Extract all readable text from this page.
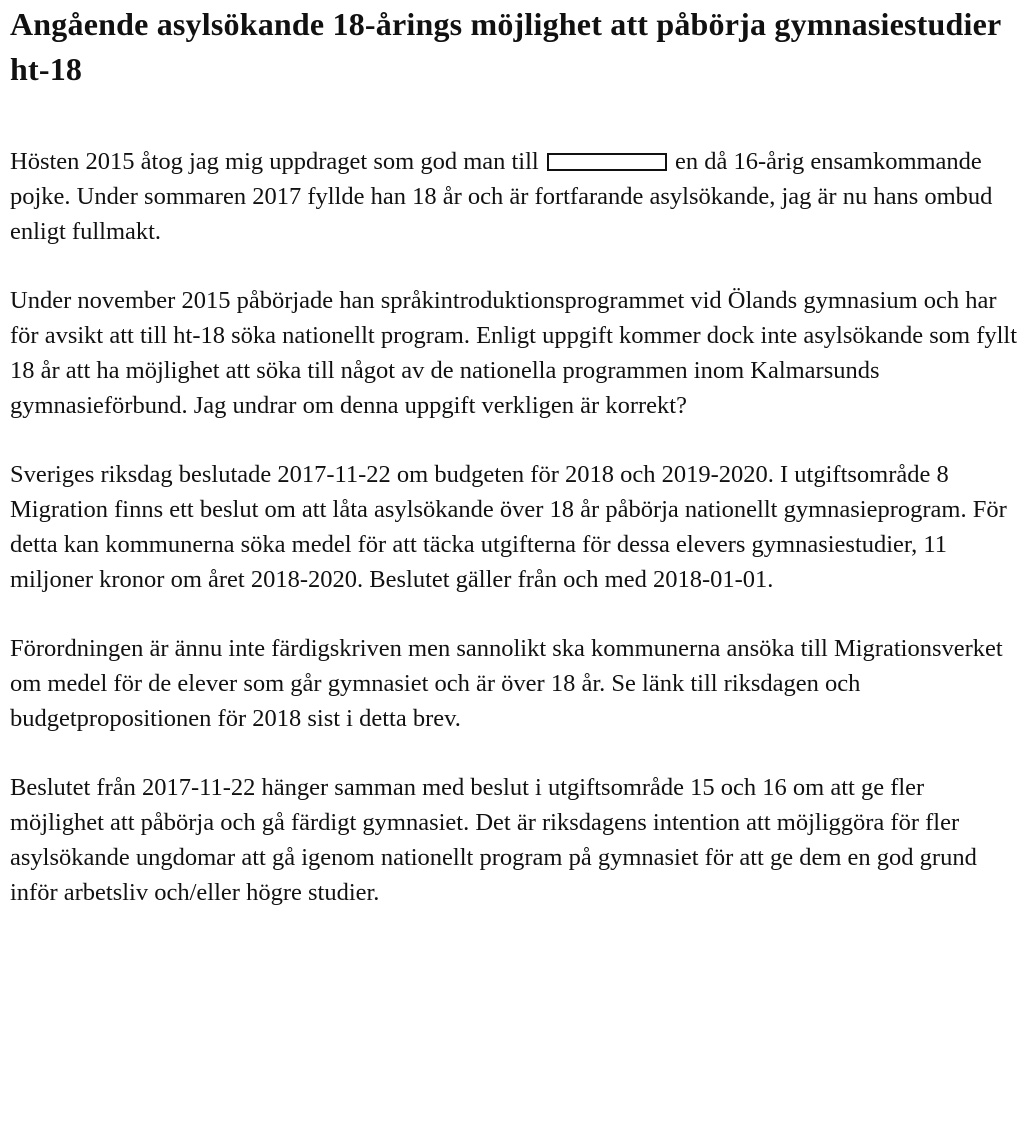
Angående asylsökande 18-årings möjlighet att påbörja gymnasiestudier ht-18

Hösten 2015 åtog jag mig uppdraget som god man till	en då 16-årig ensamkommande pojke. Under sommaren 2017 fyllde han 18 år och är fortfarande asylsökande, jag är nu hans ombud enligt fullmakt.

Under november 2015 påbörjade han språkintroduktionsprogrammet vid Ölands gymnasium och har för avsikt att till ht-18 söka nationellt program. Enligt uppgift kommer dock inte asylsökande som fyllt 18 år att ha möjlighet att söka till något av de nationella programmen inom Kalmarsunds gymnasieförbund. Jag undrar om denna uppgift verkligen är korrekt?

Sveriges riksdag beslutade 2017-11-22 om budgeten för 2018 och 2019-2020. I utgiftsområde 8 Migration finns ett beslut om att låta asylsökande över 18 år påbörja nationellt gymnasieprogram. För detta kan kommunerna söka medel för att täcka utgifterna för dessa elevers gymnasiestudier, 11 miljoner kronor om året 2018-2020. Beslutet gäller från och med 2018-01-01.

Förordningen är ännu inte färdigskriven men sannolikt ska kommunerna ansöka till Migrationsverket om medel för de elever som går gymnasiet och är över 18 år. Se länk till riksdagen och budgetpropositionen för 2018 sist i detta brev.

Beslutet från 2017-11-22 hänger samman med beslut i utgiftsområde 15 och 16 om att ge fler möjlighet att påbörja och gå färdigt gymnasiet. Det är riksdagens intention att möjliggöra för fler asylsökande ungdomar att gå igenom nationellt program på gymnasiet för att ge dem en god grund inför arbetsliv och/eller högre studier.
